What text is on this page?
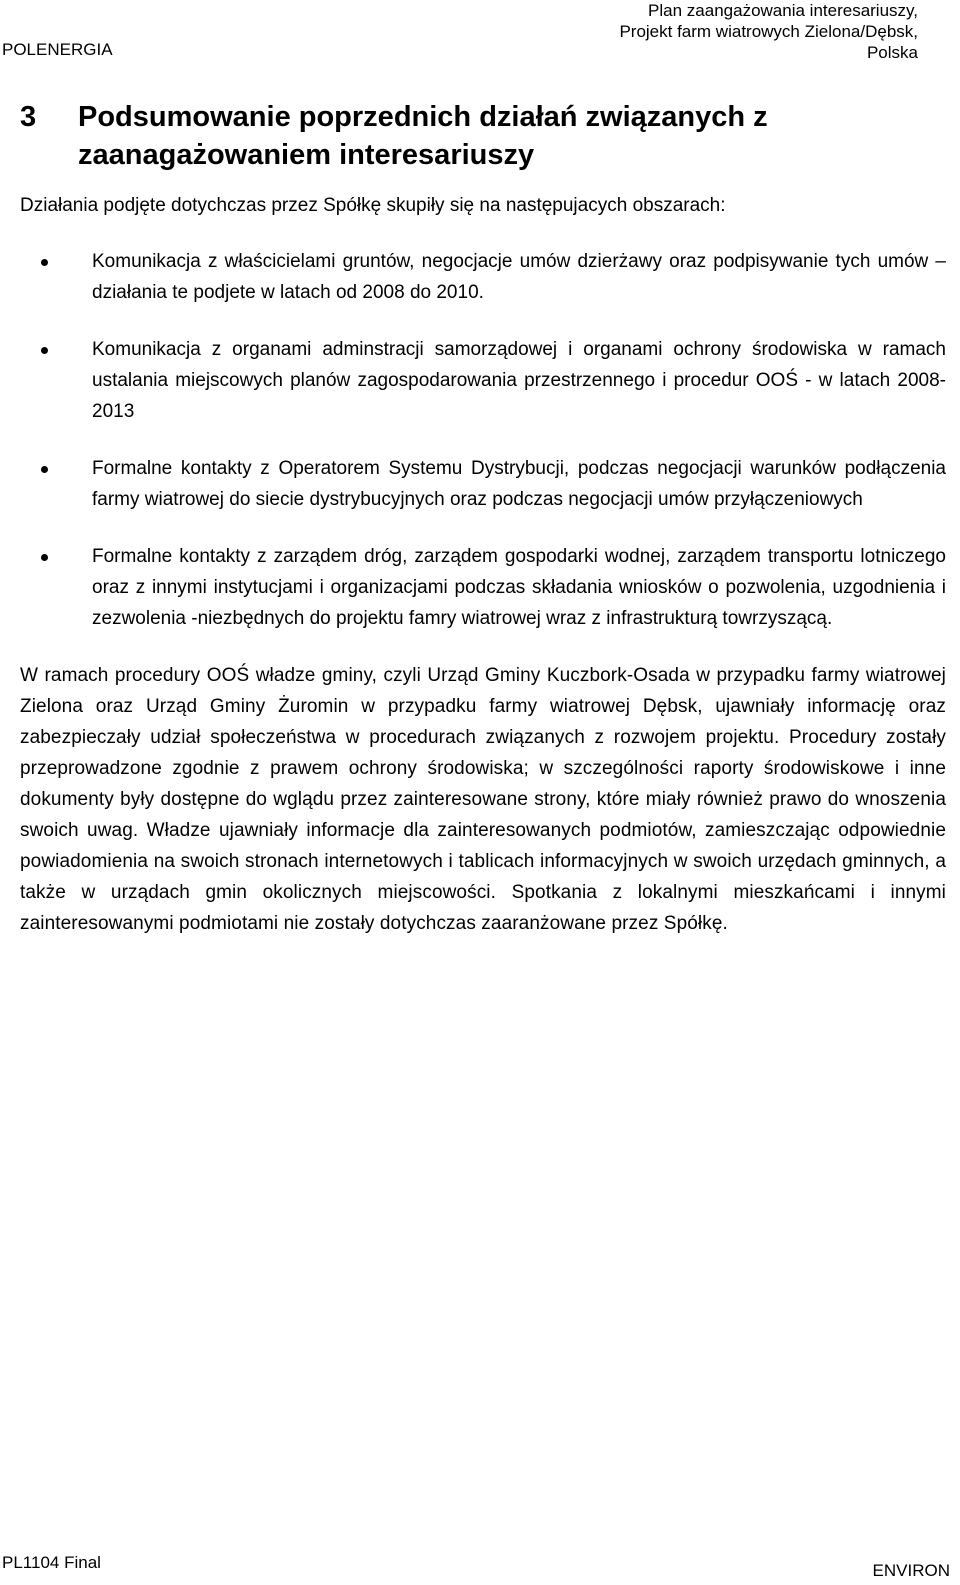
POLENERGIA
Plan zaangażowania interesariuszy,
Projekt farm wiatrowych Zielona/Dębsk,
Polska
3	Podsumowanie poprzednich działań związanych z zaanagażowaniem interesariuszy
Działania podjęte dotychczas przez Spółkę skupiły się na następujacych obszarach:
Komunikacja z właścicielami gruntów, negocjacje umów dzierżawy oraz podpisywanie tych umów – działania te podjete w latach od 2008 do 2010.
Komunikacja z organami adminstracji samorządowej i organami ochrony środowiska w ramach ustalania miejscowych planów zagospodarowania przestrzennego i procedur OOŚ - w latach 2008-2013
Formalne kontakty z Operatorem Systemu Dystrybucji, podczas negocjacji warunków podłączenia farmy wiatrowej do siecie dystrybucyjnych oraz podczas negocjacji umów przyłączeniowych
Formalne kontakty z zarządem dróg, zarządem gospodarki wodnej, zarządem transportu lotniczego oraz z innymi instytucjami i organizacjami podczas składania wniosków o pozwolenia, uzgodnienia i zezwolenia -niezbędnych do projektu famry wiatrowej wraz z infrastrukturą towrzyszącą.
W ramach procedury OOŚ władze gminy, czyli Urząd Gminy Kuczbork-Osada w przypadku farmy wiatrowej Zielona oraz Urząd Gminy Żuromin w przypadku farmy wiatrowej Dębsk, ujawniały informację oraz zabezpieczały udział społeczeństwa w procedurach związanych z rozwojem projektu. Procedury zostały przeprowadzone zgodnie z prawem ochrony środowiska; w szczególności raporty środowiskowe i inne dokumenty były dostępne do wglądu przez zainteresowane strony, które miały również prawo do wnoszenia swoich uwag. Władze ujawniały informacje dla zainteresowanych podmiotów, zamieszczając odpowiednie powiadomienia na swoich stronach internetowych i tablicach informacyjnych w swoich urzędach gminnych, a także w urządach gmin okolicznych miejscowości. Spotkania z lokalnymi mieszkańcami i innymi zainteresowanymi podmiotami nie zostały dotychczas zaaranżowane przez Spółkę.
PL1104 Final	ENVIRON
